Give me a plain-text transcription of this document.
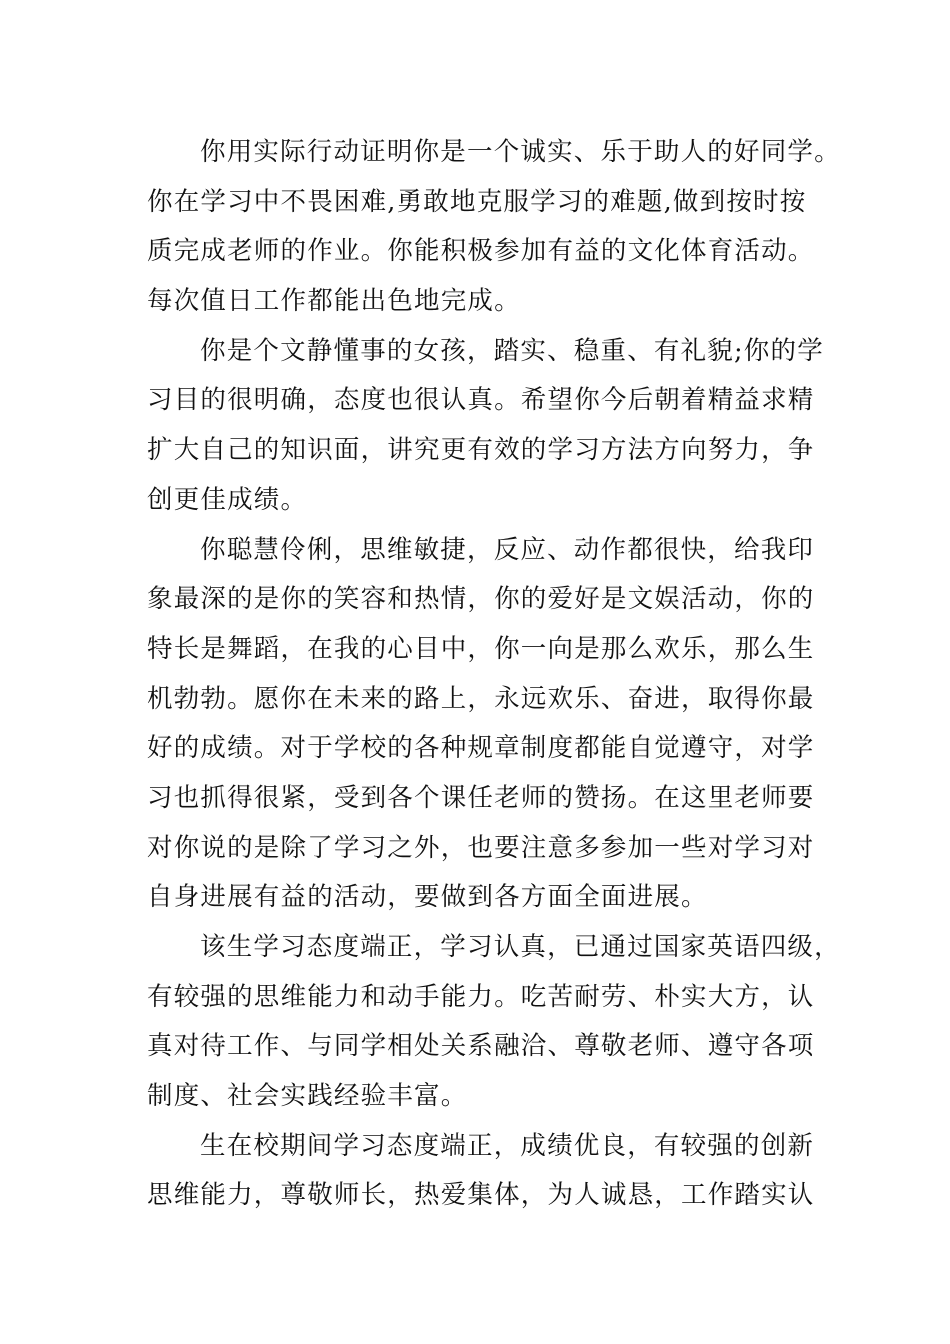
你用实际行动证明你是一个诚实、乐于助人的好同学。
你在学习中不畏困难,勇敢地克服学习的难题,做到按时按
质完成老师的作业。你能积极参加有益的文化体育活动。
每次值日工作都能出色地完成。
你是个文静懂事的女孩，踏实、稳重、有礼貌;你的学
习目的很明确，态度也很认真。希望你今后朝着精益求精
扩大自己的知识面，讲究更有效的学习方法方向努力，争
创更佳成绩。
你聪慧伶俐，思维敏捷，反应、动作都很快，给我印
象最深的是你的笑容和热情，你的爱好是文娱活动，你的
特长是舞蹈，在我的心目中，你一向是那么欢乐，那么生
机勃勃。愿你在未来的路上，永远欢乐、奋进，取得你最
好的成绩。对于学校的各种规章制度都能自觉遵守，对学
习也抓得很紧，受到各个课任老师的赞扬。在这里老师要
对你说的是除了学习之外，也要注意多参加一些对学习对
自身进展有益的活动，要做到各方面全面进展。
该生学习态度端正，学习认真，已通过国家英语四级，
有较强的思维能力和动手能力。吃苦耐劳、朴实大方，认
真对待工作、与同学相处关系融洽、尊敬老师、遵守各项
制度、社会实践经验丰富。
生在校期间学习态度端正，成绩优良，有较强的创新
思维能力，尊敬师长，热爱集体，为人诚恳，工作踏实认
